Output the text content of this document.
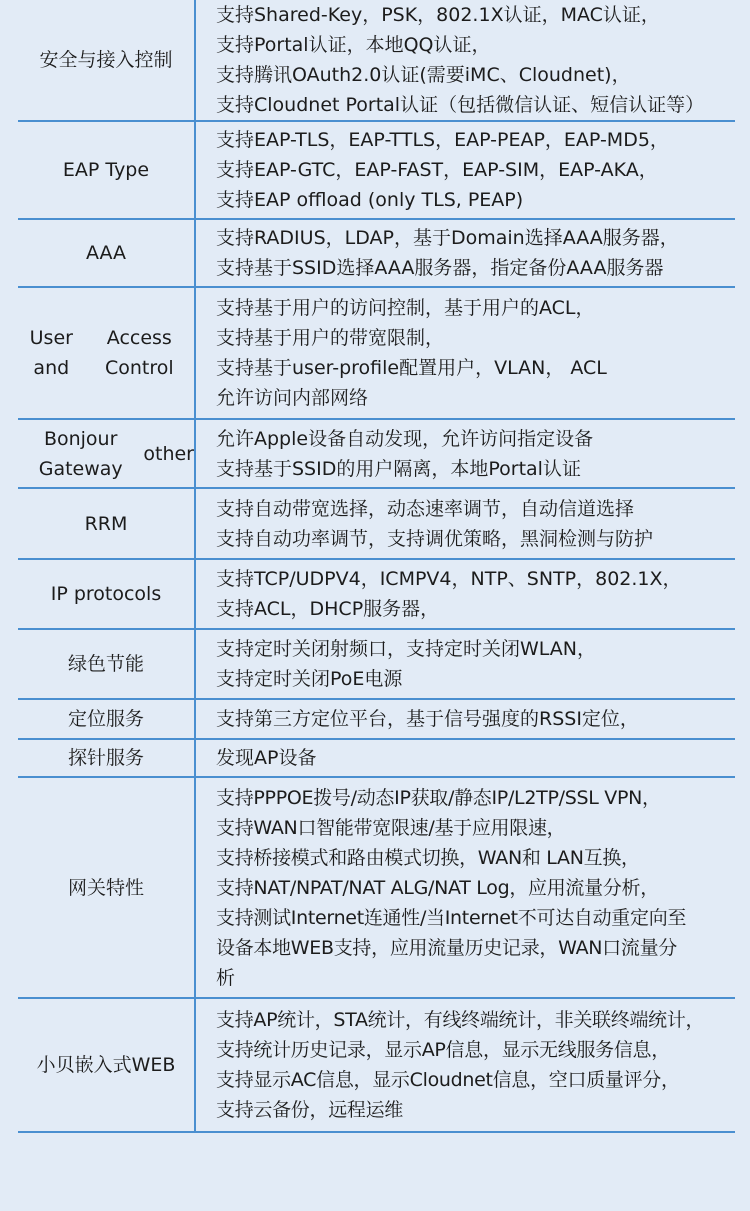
安全 与接入控制
支持Shared-Key，PSK，802.1X认证，MAC认证，
支持Portal认证，本地QQ认证，
支持腾讯OAuth2.0认证(需要iMC、Cloudnet)，
支持Cloudnet Portal认证（包括微信认证、短信认证等）
EAP Type
支持EAP-TLS，EAP-TTLS，EAP-PEAP，EAP-MD5，
支持EAP-GTC，EAP-FAST，EAP-SIM，EAP-AKA，
支持EAP offload (only TLS, PEAP)
AAA
支持RADIUS，LDAP，基于Domain选择AAA服务器，
支持基于SSID选择AAA服务器，指定备份AAA服务器
User and
Access Control
支持基于用户的访问控制，基于用户的ACL，
支持基于用户的带宽限制，
支持基于user-profile配置用户，VLAN， ACL
允许访问内部网络
Bonjour Gateway
other
允许Apple设备自动发现，允许访问指定设备
支持基于SSID的用户隔离，本地Portal认证
RRM
支持自动带宽选择，动态速率调节，自动信道选择
支持自动功率调节，支持调优策略，黑洞检测与防护
IP protocols
支持TCP/UDPV4，ICMPV4，NTP、SNTP，802.1X，
支持ACL，DHCP服务器，
绿色节能
支持定时关闭射频口，支持定时关闭WLAN，
支持定时关闭PoE电源
定位服务	支持第三方定位平台，基于信号强度的RSSI定位，
探针服务	发现AP设备
网关特性
支持PPPOE拨号/动态IP获取/静态IP/L2TP/SSL VPN，
支持WAN口智能带宽限速/基于应用限速，
支持桥接模式和路由模式切换，WAN和 LAN互换，
支持NAT/NPAT/NAT ALG/NAT Log，应用流量分析，
支持测试Internet连通性/当Internet不可达自动重定向至
设备本地WEB支持，应用流量历史记录，WAN口流量分
析
小贝嵌入式WEB
支持AP统计，STA统计，有线终端统计，非关联终端统计，
支持统计历史记录，显示AP信息，显示无线服务信息，
支持显示AC信息，显示Cloudnet信息，空口质量评分，
支持云备份，远程运维
